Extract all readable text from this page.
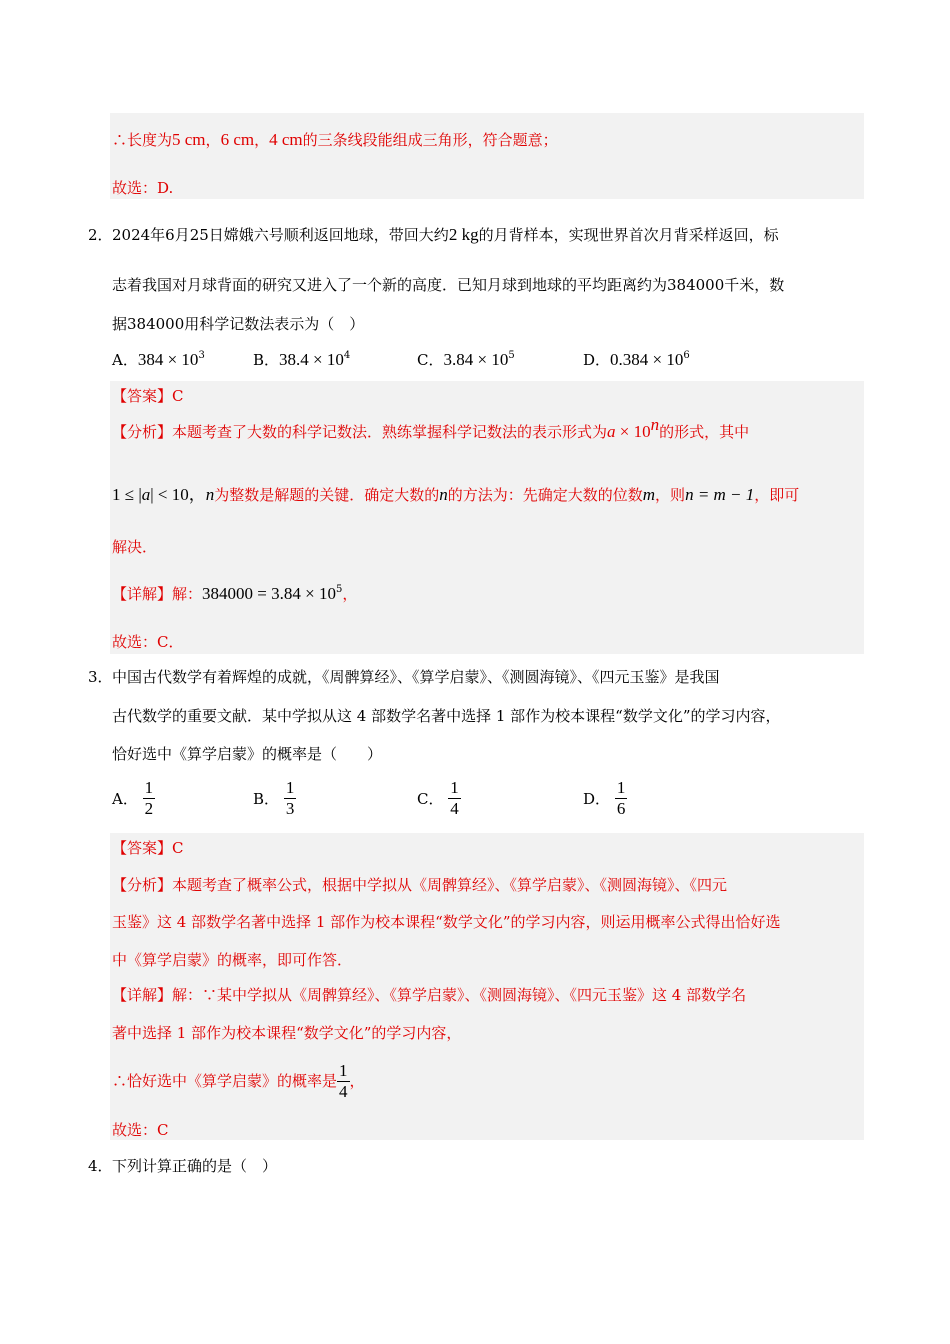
∴长度为5 cm，6 cm，4 cm的三条线段能组成三角形，符合题意；
故选：D.
2． 2024年6月25日嫦娥六号顺利返回地球，带回大约2 kg的月背样本，实现世界首次月背采样返回，标
志着我国对月球背面的研究又进入了一个新的高度．已知月球到地球的平均距离约为384000千米，数
据384000用科学记数法表示为（　）
A．$384 \times 10^3$	B．$38.4 \times 10^4$	C．$3.84 \times 10^5$	D．$0.384 \times 10^6$
【答案】C
【分析】本题考查了大数的科学记数法．熟练掌握科学记数法的表示形式为$a \times 10^n$的形式，其中
1 ≤ |a| < 10，n为整数是解题的关键．确定大数的n的方法为：先确定大数的位数m，则n = m − 1，即可
解决．
【详解】解：$384000 = 3.84 \times 10^5$，
故选：C．
3． 中国古代数学有着辉煌的成就，《周髀算经》、《算学启蒙》、《测圆海镜》、《四元玉鉴》是我国
古代数学的重要文献．某中学拟从这 4 部数学名著中选择 1 部作为校本课程“数学文化”的学习内容，
恰好选中《算学启蒙》的概率是（　　）
A． $\frac{1}{2}$	B． $\frac{1}{3}$	C． $\frac{1}{4}$	D． $\frac{1}{6}$
【答案】C
【分析】本题考查了概率公式，根据中学拟从《周髀算经》、《算学启蒙》、《测圆海镜》、《四元
玉鉴》这 4 部数学名著中选择 1 部作为校本课程“数学文化”的学习内容，则运用概率公式得出恰好选
中《算学启蒙》的概率，即可作答．
【详解】解：∵某中学拟从《周髀算经》、《算学启蒙》、《测圆海镜》、《四元玉鉴》这 4 部数学名
著中选择 1 部作为校本课程“数学文化”的学习内容，
∴恰好选中《算学启蒙》的概率是 $\frac{1}{4}$ ，
故选：C
4． 下列计算正确的是（　）
